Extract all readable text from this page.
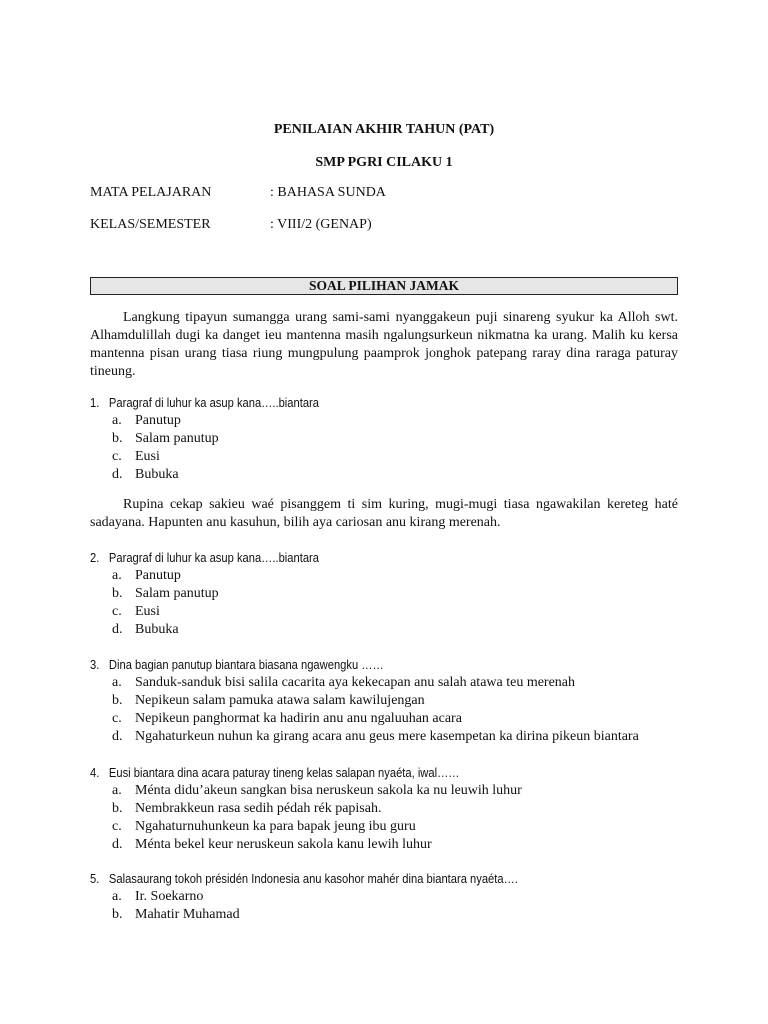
PENILAIAN AKHIR TAHUN (PAT)
SMP PGRI CILAKU 1
MATA PELAJARAN	: BAHASA SUNDA
KELAS/SEMESTER	: VIII/2 (GENAP)
SOAL PILIHAN JAMAK

Langkung tipayun sumangga urang sami-sami nyanggakeun puji sinareng syukur ka Alloh swt. Alhamdulillah dugi ka danget ieu mantenna masih ngalungsurkeun nikmatna ka urang. Malih ku kersa mantenna pisan urang tiasa riung mungpulung paamprok jonghok patepang raray dina raraga paturay tineung.

1. Paragraf di luhur ka asup kana…..biantara
a. Panutup
b. Salam panutup
c. Eusi
d. Bubuka

Rupina cekap sakieu waé pisanggem ti sim kuring, mugi-mugi tiasa ngawakilan kereteg haté sadayana. Hapunten anu kasuhun, bilih aya cariosan anu kirang merenah.

2. Paragraf di luhur ka asup kana…..biantara
a. Panutup
b. Salam panutup
c. Eusi
d. Bubuka
3. Dina bagian panutup biantara biasana ngawengku ……
a. Sanduk-sanduk bisi salila cacarita aya kekecapan anu salah atawa teu merenah
b. Nepikeun salam pamuka atawa salam kawilujengan
c. Nepikeun panghormat ka hadirin anu anu ngaluuhan acara
d. Ngahaturkeun nuhun ka girang acara anu geus mere kasempetan ka dirina pikeun biantara
4. Eusi biantara dina acara paturay tineng kelas salapan nyaéta, iwal……
a. Ménta didu’akeun sangkan bisa neruskeun sakola ka nu leuwih luhur
b. Nembrakkeun rasa sedih pédah rék papisah.
c. Ngahaturnuhunkeun ka para bapak jeung ibu guru
d. Ménta bekel keur neruskeun sakola kanu lewih luhur
5. Salasaurang tokoh présidén Indonesia anu kasohor mahér dina biantara nyaéta….
a. Ir. Soekarno
b. Mahatir Muhamad
